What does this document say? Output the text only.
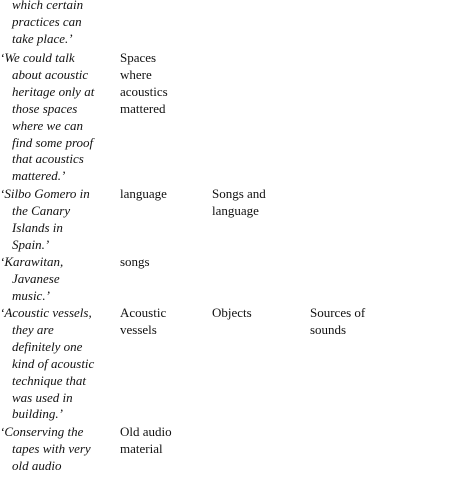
which certain
practices can
take place.’
‘We could talk
about acoustic
heritage only at
those spaces
where we can
find some proof
that acoustics
mattered.’
Spaces
where
acoustics
mattered
‘Silbo Gomero in
the Canary
Islands in
Spain.’
language	Songs and
language
‘Karawitan,
Javanese
music.’
songs
‘Acoustic vessels,
they are
definitely one
kind of acoustic
technique that
was used in
building.’
Acoustic
vessels
Objects	Sources of
sounds
‘Conserving the
tapes with very
old audio
Old audio
material
